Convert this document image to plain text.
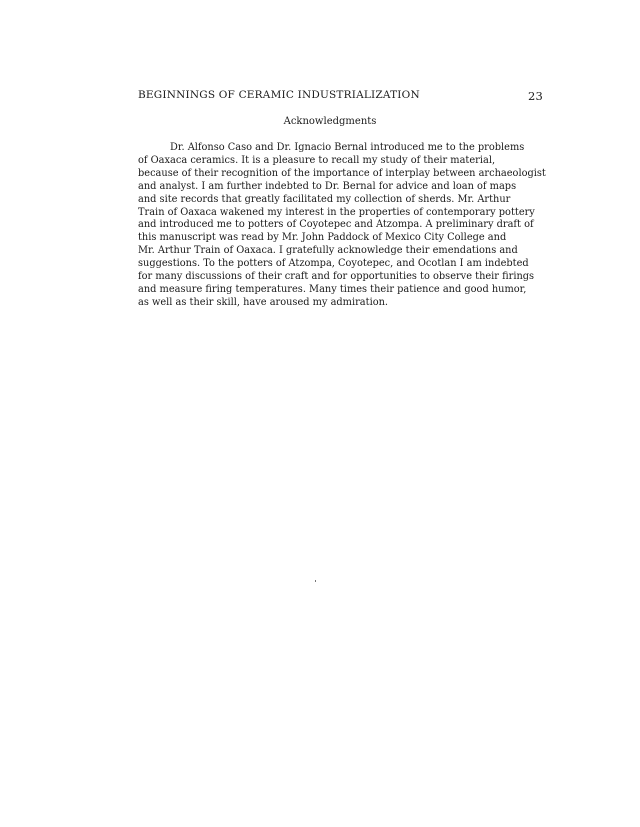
BEGINNINGS OF CERAMIC INDUSTRIALIZATION	23
Acknowledgments
Dr. Alfonso Caso and Dr. Ignacio Bernal introduced me to the problems
of Oaxaca ceramics. It is a pleasure to recall my study of their material,
because of their recognition of the importance of interplay between archaeologist
and analyst. I am further indebted to Dr. Bernal for advice and loan of maps
and site records that greatly facilitated my collection of sherds. Mr. Arthur
Train of Oaxaca wakened my interest in the properties of contemporary pottery
and introduced me to potters of Coyotepec and Atzompa. A preliminary draft of
this manuscript was read by Mr. John Paddock of Mexico City College and
Mr. Arthur Train of Oaxaca. I gratefully acknowledge their emendations and
suggestions. To the potters of Atzompa, Coyotepec, and Ocotlan I am indebted
for many discussions of their craft and for opportunities to observe their firings
and measure firing temperatures. Many times their patience and good humor,
as well as their skill, have aroused my admiration.
